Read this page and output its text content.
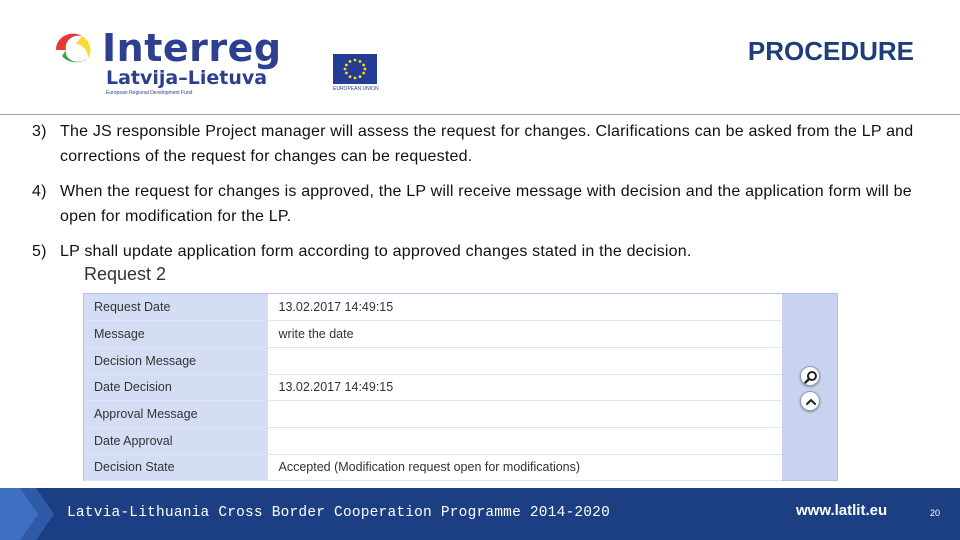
Interreg
Latvija–Lietuva
European Regional Development Fund
EUROPEAN UNION
PROCEDURE
3) The JS responsible Project manager will assess the request for changes. Clarifications can be asked from the LP and corrections of the request for changes can be requested.
4) When the request for changes is approved, the LP will receive message with decision and the application form will be open for modification for the LP.
5) LP shall update application form according to approved changes stated in the decision.
Request 2
Request Date	13.02.2017 14:49:15
Message	write the date
Decision Message	
Date Decision	13.02.2017 14:49:15
Approval Message	
Date Approval	
Decision State	Accepted (Modification request open for modifications)
Latvia-Lithuania Cross Border Cooperation Programme 2014-2020	www.latlit.eu	20
